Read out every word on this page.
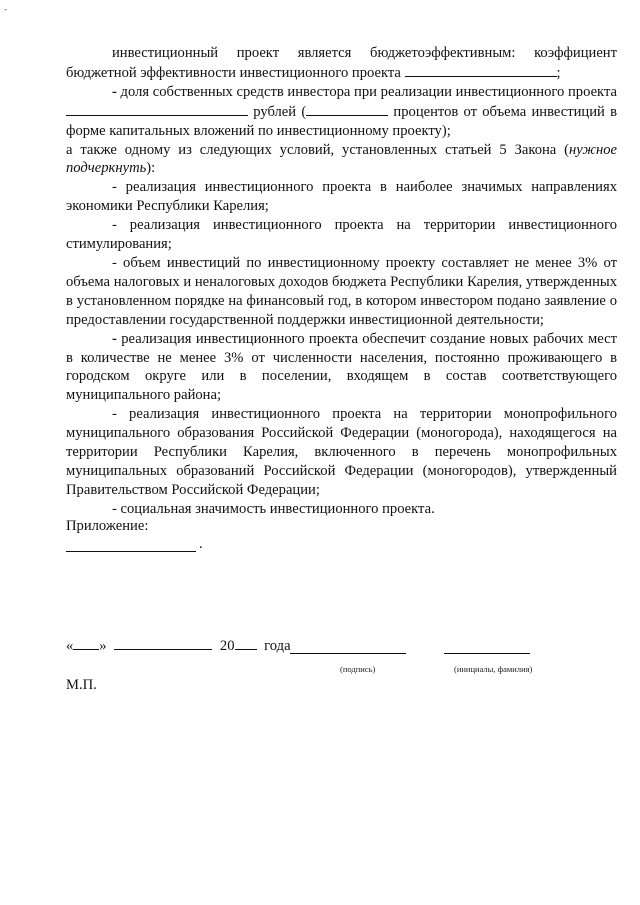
-

инвестиционный проект является бюджетоэффективным: коэффициент бюджетной эффективности инвестиционного проекта	;

- доля собственных средств инвестора при реализации инвестиционного проекта  рублей (	процентов от объема инвестиций в форме капитальных вложений по инвестиционному проекту);

а также одному из следующих условий, установленных статьей 5 Закона (нужное подчеркнуть):

- реализация инвестиционного проекта в наиболее значимых направлениях экономики Республики Карелия;

- реализация инвестиционного проекта на территории инвестиционного стимулирования;

- объем инвестиций по инвестиционному проекту составляет не менее 3% от объема налоговых и неналоговых доходов бюджета Республики Карелия, утвержденных в установленном порядке на финансовый год, в котором инвестором подано заявление о предоставлении государственной поддержки инвестиционной деятельности;

- реализация инвестиционного проекта обеспечит создание новых рабочих мест в количестве не менее 3% от численности населения, постоянно проживающего в городском округе или в поселении, входящем в состав соответствующего муниципального района;

- реализация инвестиционного проекта на территории монопрофильного муниципального образования Российской Федерации (моногорода), находящегося на территории Республики Карелия, включенного в перечень монопрофильных муниципальных образований Российской Федерации (моногородов), утвержденный Правительством Российской Федерации;

- социальная значимость инвестиционного проекта.

Приложение:
.
« »	20 года
(подпись)	(инициалы, фамилия)
М.П.
